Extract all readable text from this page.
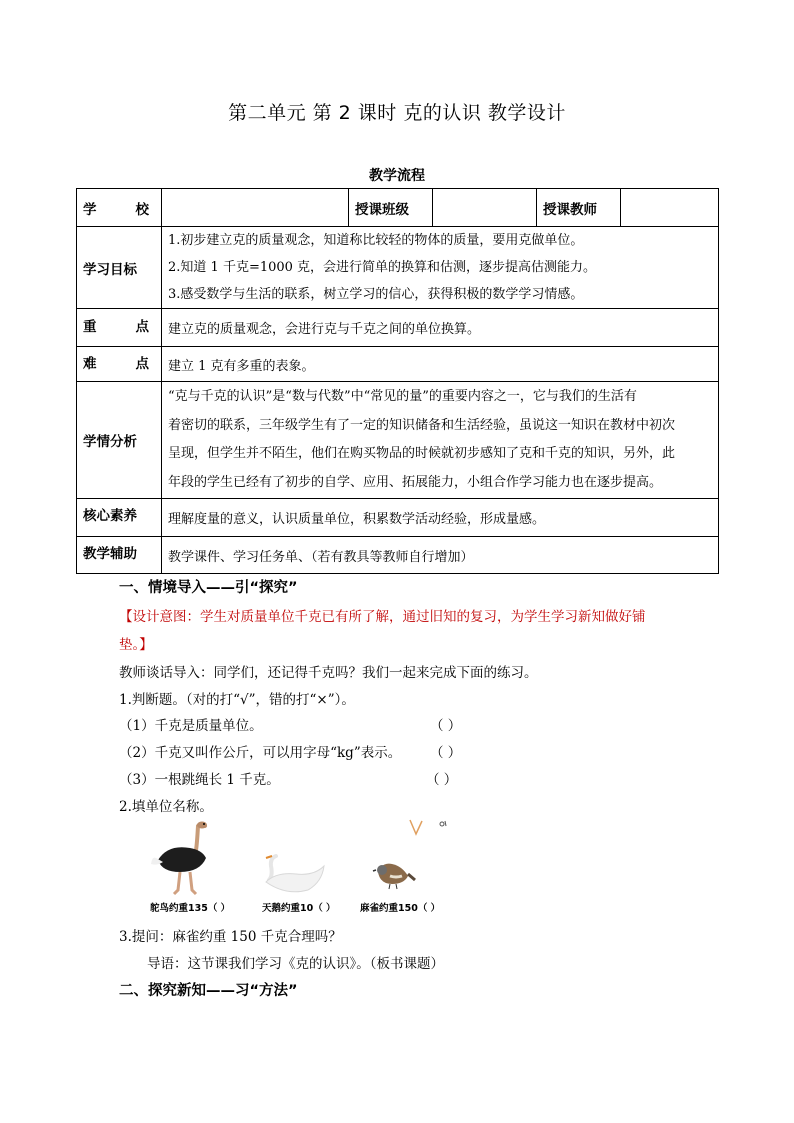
第二单元 第 2 课时 克的认识 教学设计
教学流程
学 校		授课班级		授课教师	
学习目标	1.初步建立克的质量观念，知道称比较轻的物体的质量，要用克做单位。
2.知道 1 千克=1000 克，会进行简单的换算和估测，逐步提高估测能力。
3.感受数学与生活的联系，树立学习的信心，获得积极的数学学习情感。				

重 点	建立克的质量观念，会进行克与千克之间的单位换算。				

难 点	建立 1 克有多重的表象。				
学情分析	“克与千克的认识”是“数与代数”中“常见的量”的重要内容之一，它与我们的生活有
着密切的联系，三年级学生有了一定的知识储备和生活经验，虽说这一知识在教材中初次
呈现，但学生并不陌生，他们在购买物品的时候就初步感知了克和千克的知识，另外，此
年段的学生已经有了初步的自学、应用、拓展能力，小组合作学习能力也在逐步提高。				

核心素养	理解度量的意义，认识质量单位，积累数学活动经验，形成量感。				
教学辅助	教学课件、学习任务单、（若有教具等教师自行增加）				
一、情境导入——引“探究”
【设计意图：学生对质量单位千克已有所了解，通过旧知的复习，为学生学习新知做好铺
垫。】
教师谈话导入：同学们，还记得千克吗？我们一起来完成下面的练习。
1.判断题。（对的打“√”，错的打“×”）。
（1）千克是质量单位。	（ ）
（2）千克又叫作公斤，可以用字母“kg”表示。	（ ）
（3）一根跳绳长 1 千克。	（ ）
2.填单位名称。
鸵鸟约重135（ ）	天鹅约重10（ ）	麻雀约重150（ ）
3.提问：麻雀约重 150 千克合理吗？
导语：这节课我们学习《克的认识》。（板书课题）
二、探究新知——习“方法”
